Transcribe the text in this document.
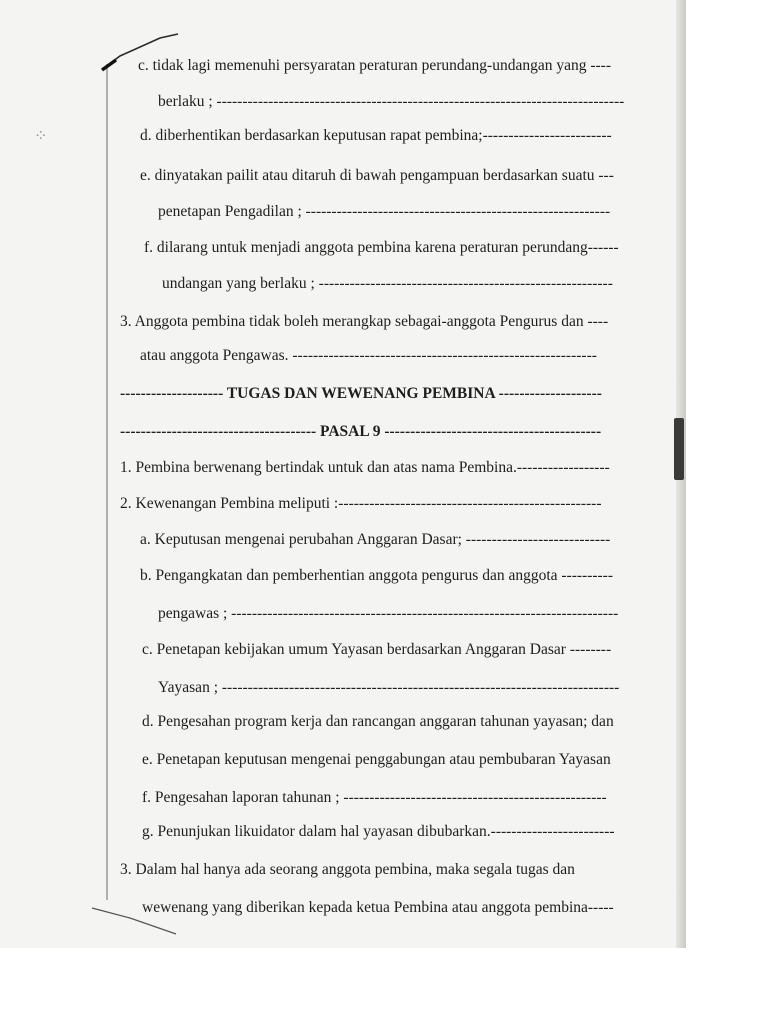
⁘
c. tidak lagi memenuhi persyaratan peraturan perundang-undangan yang ----
berlaku ; -------------------------------------------------------------------------------
d. diberhentikan berdasarkan keputusan rapat pembina;-------------------------
e. dinyatakan pailit atau ditaruh di bawah pengampuan berdasarkan suatu ---
penetapan Pengadilan ; -----------------------------------------------------------
f. dilarang untuk menjadi anggota pembina karena peraturan perundang------
undangan yang berlaku ; ---------------------------------------------------------
3. Anggota pembina tidak boleh merangkap sebagai-anggota Pengurus dan ----
atau anggota Pengawas. -----------------------------------------------------------
-------------------- TUGAS DAN WEWENANG PEMBINA --------------------
-------------------------------------- PASAL 9 ------------------------------------------
1. Pembina berwenang bertindak untuk dan atas nama Pembina.------------------
2. Kewenangan Pembina meliputi :---------------------------------------------------
a. Keputusan mengenai perubahan Anggaran Dasar; ----------------------------
b. Pengangkatan dan pemberhentian anggota pengurus dan anggota ----------
pengawas ; ---------------------------------------------------------------------------
c. Penetapan kebijakan umum Yayasan berdasarkan Anggaran Dasar --------
Yayasan ; -----------------------------------------------------------------------------
d. Pengesahan program kerja dan rancangan anggaran tahunan yayasan; dan
e. Penetapan keputusan mengenai penggabungan atau pembubaran Yayasan
f. Pengesahan laporan tahunan ; ---------------------------------------------------
g. Penunjukan likuidator dalam hal yayasan dibubarkan.------------------------
3. Dalam hal hanya ada seorang anggota pembina, maka segala tugas dan
wewenang yang diberikan kepada ketua Pembina atau anggota pembina-----
